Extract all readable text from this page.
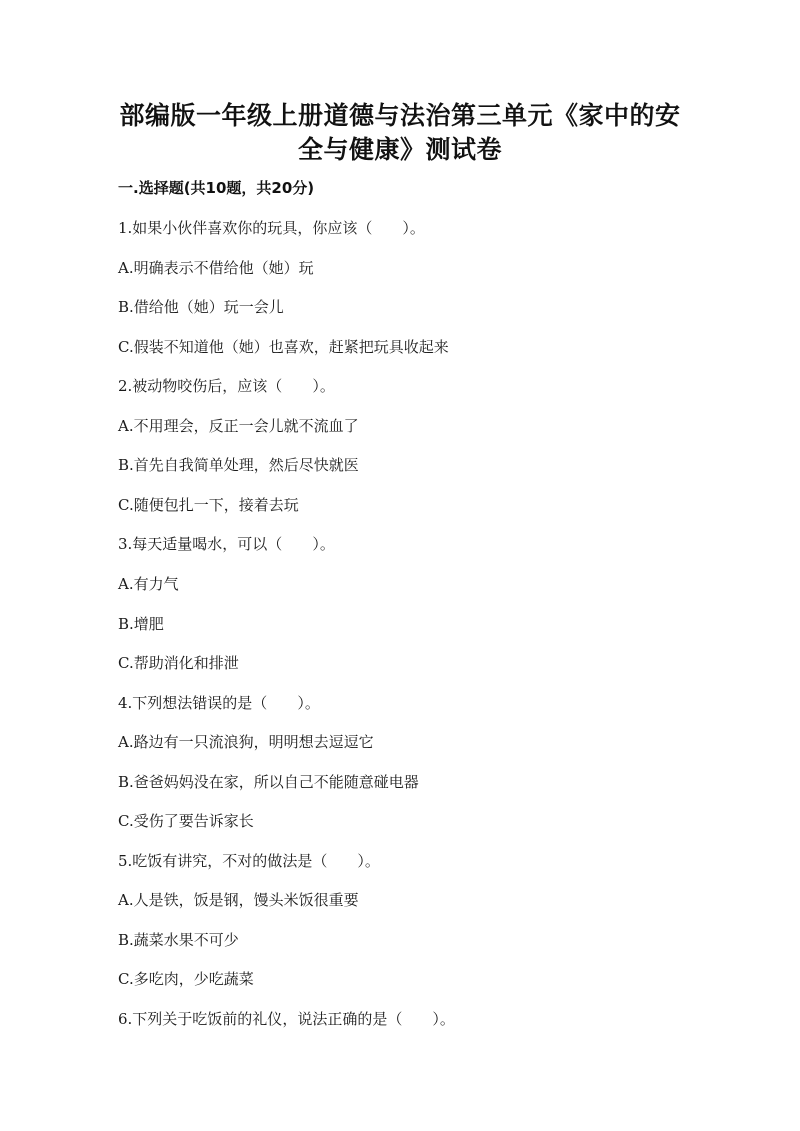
部编版一年级上册道德与法治第三单元《家中的安
全与健康》测试卷
一.选择题(共10题，共20分)
1.如果小伙伴喜欢你的玩具，你应该（　　）。
A.明确表示不借给他（她）玩
B.借给他（她）玩一会儿
C.假装不知道他（她）也喜欢，赶紧把玩具收起来
2.被动物咬伤后，应该（　　）。
A.不用理会，反正一会儿就不流血了
B.首先自我简单处理，然后尽快就医
C.随便包扎一下，接着去玩
3.每天适量喝水，可以（　　）。
A.有力气
B.增肥
C.帮助消化和排泄
4.下列想法错误的是（　　）。
A.路边有一只流浪狗，明明想去逗逗它
B.爸爸妈妈没在家，所以自己不能随意碰电器
C.受伤了要告诉家长
5.吃饭有讲究，不对的做法是（　　）。
A.人是铁，饭是钢，馒头米饭很重要
B.蔬菜水果不可少
C.多吃肉，少吃蔬菜
6.下列关于吃饭前的礼仪，说法正确的是（　　）。
